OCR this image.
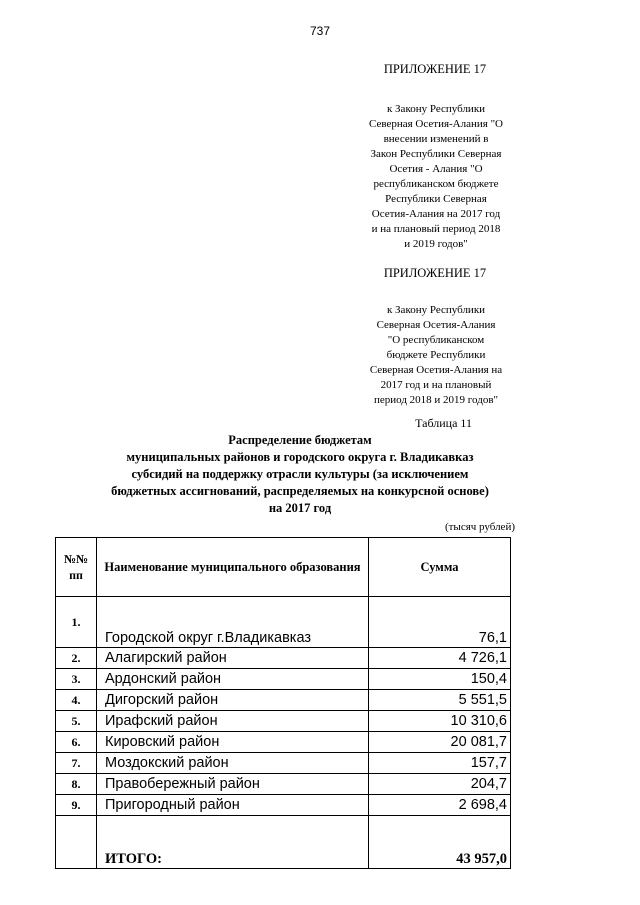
737
ПРИЛОЖЕНИЕ 17
к Закону Республики
Северная Осетия-Алания "О
внесении изменений в
Закон Республики Северная
Осетия - Алания "О
республиканском бюджете
Республики Северная
Осетия-Алания на 2017 год
и на плановый период 2018
и 2019 годов"
ПРИЛОЖЕНИЕ 17
к Закону Республики
Северная Осетия-Алания
"О республиканском
бюджете Республики
Северная Осетия-Алания на
2017 год и на плановый
период 2018 и 2019 годов"
Таблица 11
Распределение бюджетам
муниципальных районов и городского округа г. Владикавказ
субсидий на поддержку отрасли культуры (за исключением
бюджетных ассигнований, распределяемых на конкурсной основе)
на 2017 год
(тысяч рублей)
№№ пп	Наименование муниципального образования	Сумма
1.	Городской округ г.Владикавказ	76,1
2.	Алагирский район	4 726,1
3.	Ардонский район	150,4
4.	Дигорский район	5 551,5
5.	Ирафский район	10 310,6
6.	Кировский район	20 081,7
7.	Моздокский район	157,7
8.	Правобережный район	204,7
9.	Пригородный район	2 698,4
	ИТОГО:	43 957,0
